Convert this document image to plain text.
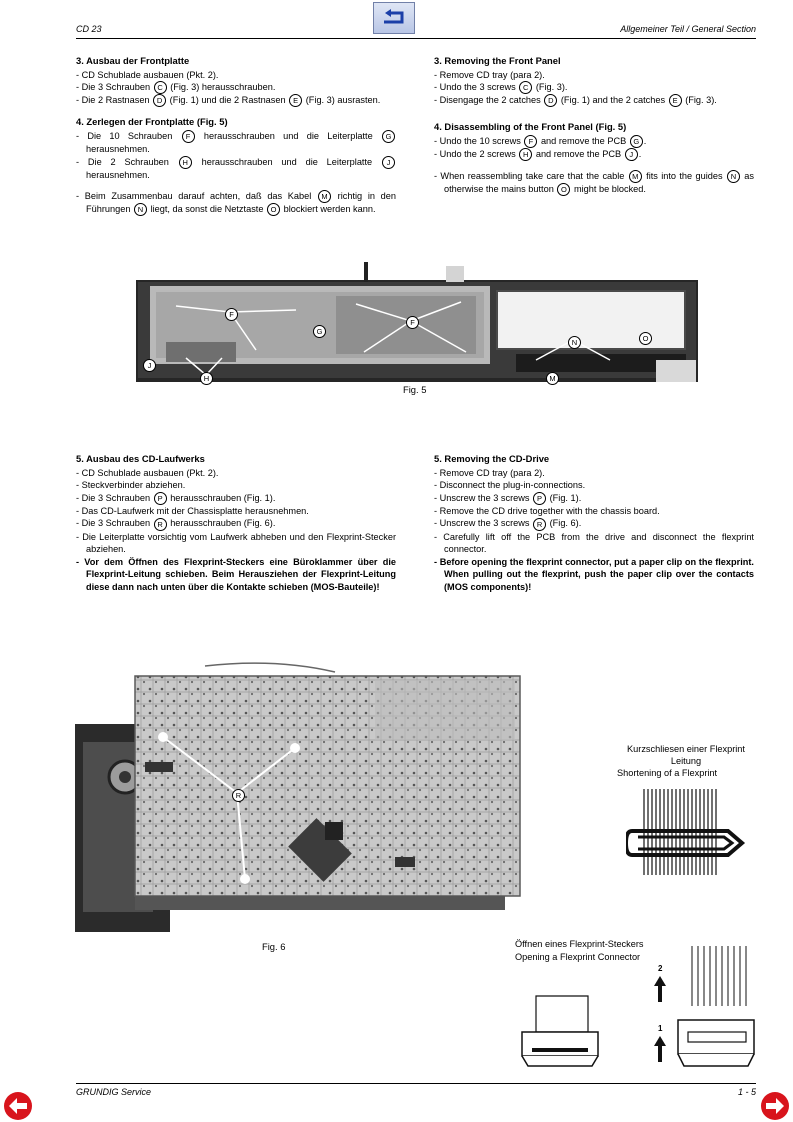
CD 23	Allgemeiner Teil / General Section
3. Ausbau der Frontplatte
- CD Schublade ausbauen (Pkt. 2).
- Die 3 Schrauben C (Fig. 3) herausschrauben.
- Die 2 Rastnasen D (Fig. 1) und die 2 Rastnasen E (Fig. 3) ausrasten.
4. Zerlegen der Frontplatte (Fig. 5)
- Die 10 Schrauben F herausschrauben und die Leiterplatte G herausnehmen.
- Die 2 Schrauben H herausschrauben und die Leiterplatte J herausnehmen.
- Beim Zusammenbau darauf achten, daß das Kabel M richtig in den Führungen N liegt, da sonst die Netztaste O blockiert werden kann.
3. Removing the Front Panel
- Remove CD tray (para 2).
- Undo the 3 screws C (Fig. 3).
- Disengage the 2 catches D (Fig. 1) and the 2 catches E (Fig. 3).
4. Disassembling of the Front Panel (Fig. 5)
- Undo the 10 screws F and remove the PCB G .
- Undo the 2 screws H and remove the PCB J .
- When reassembling take care that the cable M fits into the guides N as otherwise the mains button O might be blocked.
F
G
F
J
H
N	O
M
Fig. 5
5. Ausbau des CD-Laufwerks
- CD Schublade ausbauen (Pkt. 2).
- Steckverbinder abziehen.
- Die 3 Schrauben P herausschrauben (Fig. 1).
- Das CD-Laufwerk mit der Chassisplatte herausnehmen.
- Die 3 Schrauben R herausschrauben (Fig. 6).
- Die Leiterplatte vorsichtig vom Laufwerk abheben und den Flexprint-Stecker abziehen.
- Vor dem Öffnen des Flexprint-Steckers eine Büroklammer über die Flexprint-Leitung schieben. Beim Herausziehen der Flexprint-Leitung diese dann nach unten über die Kontakte schieben (MOS-Bauteile)!
5. Removing the CD-Drive
- Remove CD tray (para 2).
- Disconnect the plug-in-connections.
- Unscrew the 3 screws P (Fig. 1).
- Remove the CD drive together with the chassis board.
- Unscrew the 3 screws R (Fig. 6).
- Carefully lift off the PCB from the drive and disconnect the flexprint connector.
- Before opening the flexprint connector, put a paper clip on the flexprint. When pulling out the flexprint, push the paper clip over the contacts (MOS components)!
R
Fig. 6
Kurzschliesen einer Flexprint
Leitung
Shortening of a Flexprint
Öffnen eines Flexprint-Steckers
Opening a Flexprint Connector
2
1
GRUNDIG Service	1 - 5
